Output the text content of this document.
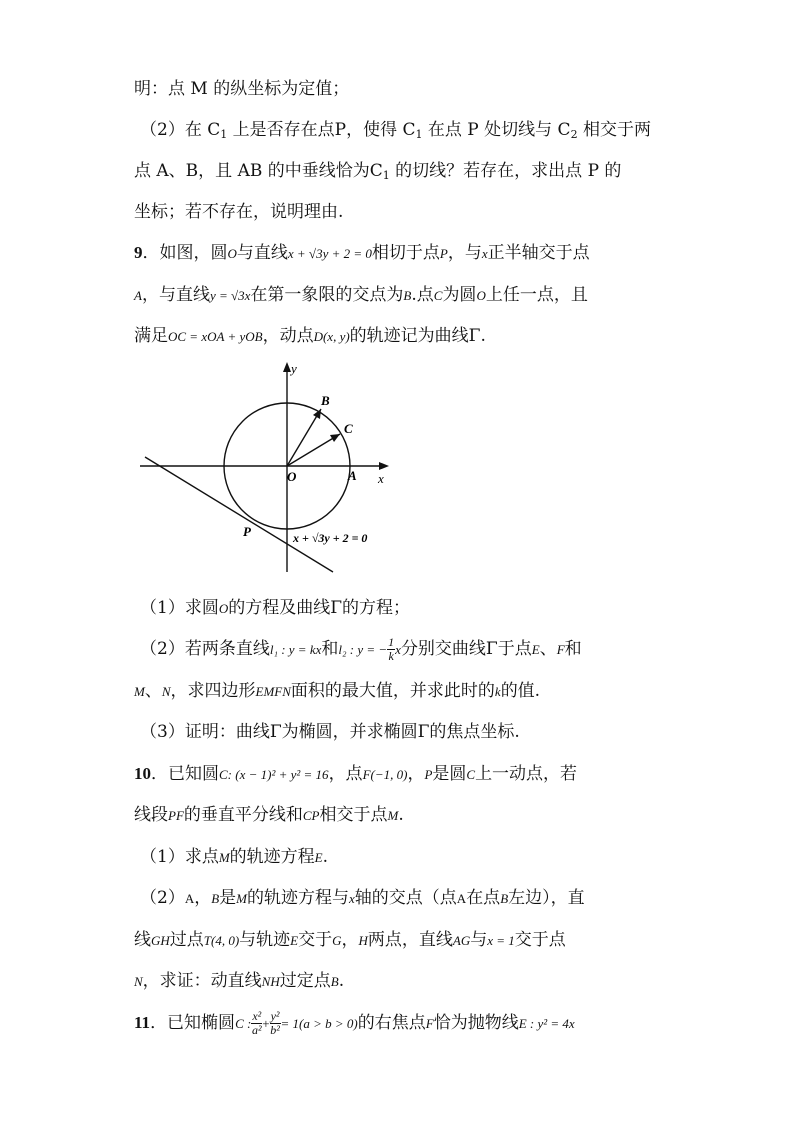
明：点 M 的纵坐标为定值；
（2）在 $C_1$ 上是否存在点P，使得 $C_1$ 在点 P 处切线与 $C_2$ 相交于两
点 A、B，且 AB 的中垂线恰为$C_1$ 的切线？若存在，求出点 P 的
坐标；若不存在，说明理由.
9．如图，圆O与直线x + √3y + 2 = 0相切于点P，与x正半轴交于点
A，与直线y = √3x在第一象限的交点为B.点C为圆O上任一点，且
满足OC = xOA + yOB，动点D(x, y)的轨迹记为曲线Γ.
y
x
O	A
B
C
P	x + √3y + 2 = 0
（1）求圆O的方程及曲线Γ的方程；
（2）若两条直线l₁ : y = kx和l₂ : y = − $\frac{1}{k}$ x分别交曲线Γ于点E、F和
M、N，求四边形EMFN面积的最大值，并求此时的k的值.
（3）证明：曲线Γ为椭圆，并求椭圆Γ的焦点坐标.
10．已知圆C: (x − 1)² + y² = 16，点F(−1, 0)，P是圆C上一动点，若
线段PF的垂直平分线和CP相交于点M.
（1）求点M的轨迹方程E.
（2）A，B是M的轨迹方程与x轴的交点（点A在点B左边），直
线GH过点T(4, 0)与轨迹E交于G，H两点，直线AG与x = 1交于点
N，求证：动直线NH过定点B.
11．已知椭圆C : $\frac{\text{x²}}{\text{a²}} + \frac{\text{y²}}{\text{b²}} = 1(a > b > 0)$的右焦点F恰为抛物线E : y² = 4x
